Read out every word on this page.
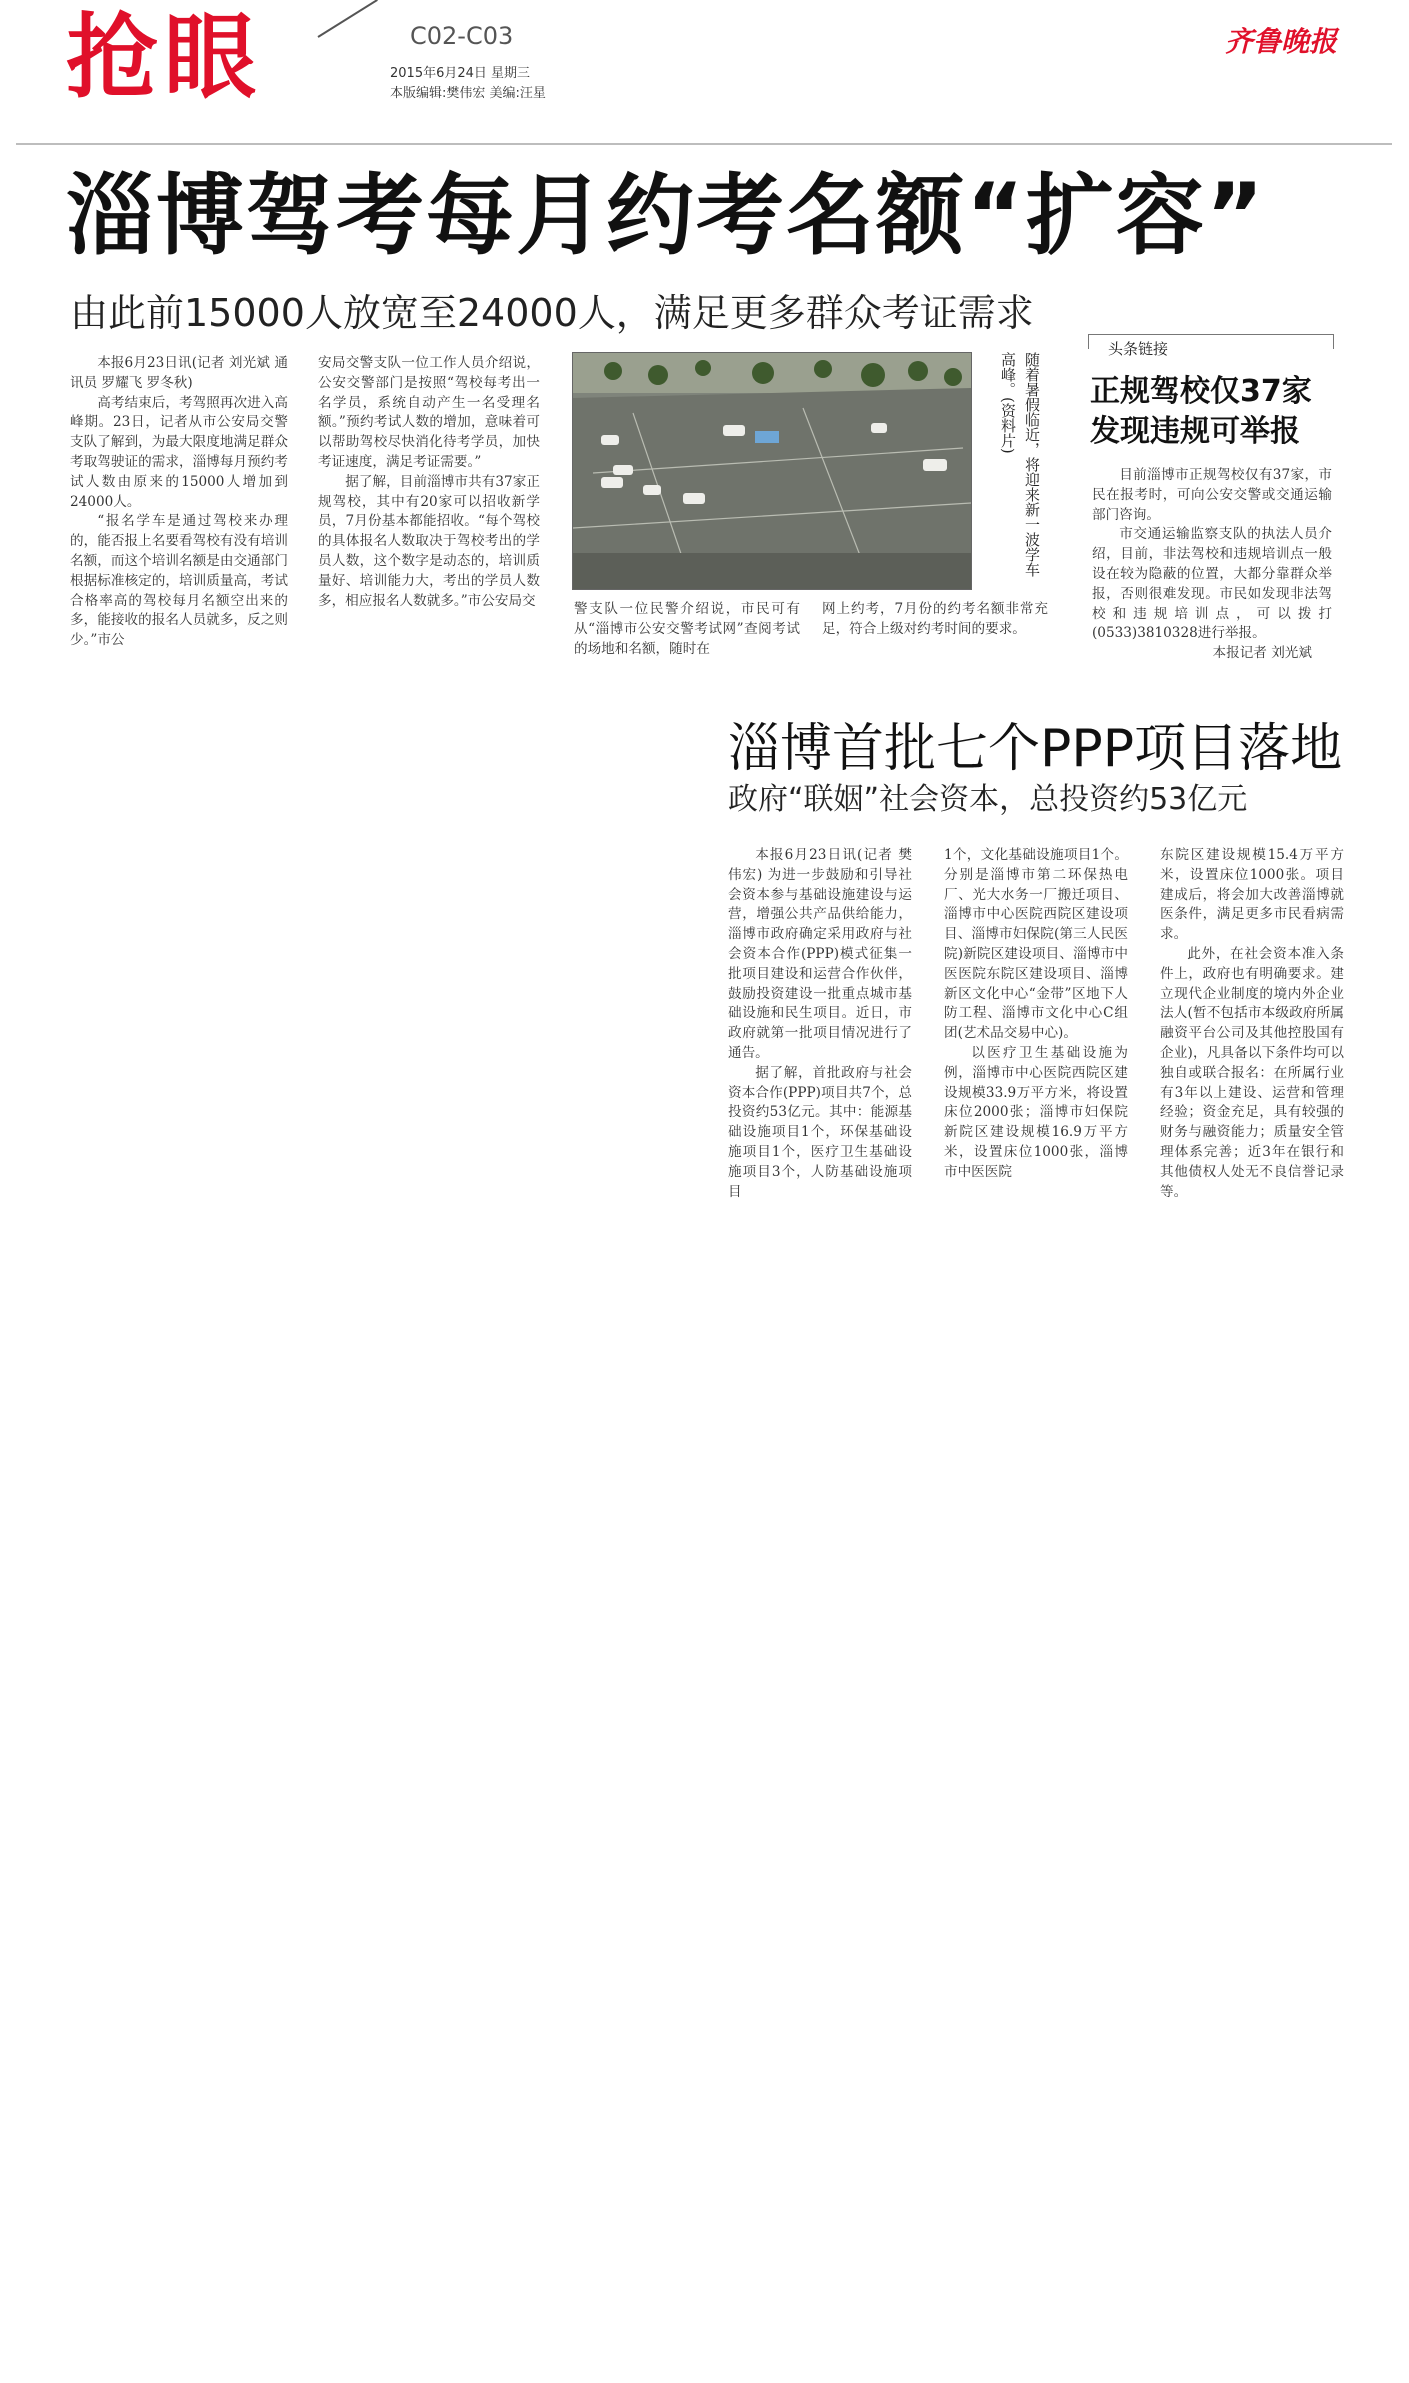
抢眼	C02-C03
2015年6月24日 星期三
本版编辑:樊伟宏 美编:汪星
齐鲁晚报
淄博驾考每月约考名额“扩容”
由此前15000人放宽至24000人，满足更多群众考证需求

本报6月23日讯(记者 刘光斌 通讯员 罗耀飞 罗冬秋)

高考结束后，考驾照再次进入高峰期。23日，记者从市公安局交警支队了解到，为最大限度地满足群众考取驾驶证的需求，淄博每月预约考试人数由原来的15000人增加到24000人。

“报名学车是通过驾校来办理的，能否报上名要看驾校有没有培训名额，而这个培训名额是由交通部门根据标准核定的，培训质量高，考试合格率高的驾校每月名额空出来的多，能接收的报名人员就多，反之则少。”市公

安局交警支队一位工作人员介绍说，公安交警部门是按照“驾校每考出一名学员，系统自动产生一名受理名额。”预约考试人数的增加，意味着可以帮助驾校尽快消化待考学员，加快考证速度，满足考证需要。”

据了解，目前淄博市共有37家正规驾校，其中有20家可以招收新学员，7月份基本都能招收。“每个驾校的具体报名人数取决于驾校考出的学员人数，这个数字是动态的，培训质量好、培训能力大，考出的学员人数多，相应报名人数就多。”市公安局交

随着暑假临近，将迎来新一波学车高峰。(资料片)

警支队一位民警介绍说，市民可有从“淄博市公安交警考试网”查阅考试的场地和名额，随时在

网上约考，7月份的约考名额非常充足，符合上级对约考时间的要求。

头条链接
正规驾校仅37家
发现违规可举报

目前淄博市正规驾校仅有37家，市民在报考时，可向公安交警或交通运输部门咨询。

市交通运输监察支队的执法人员介绍，目前，非法驾校和违规培训点一般设在较为隐蔽的位置，大都分靠群众举报，否则很难发现。市民如发现非法驾校和违规培训点，可以拨打(0533)3810328进行举报。

本报记者 刘光斌
淄博首批七个PPP项目落地
政府“联姻”社会资本，总投资约53亿元

本报6月23日讯(记者 樊伟宏) 为进一步鼓励和引导社会资本参与基础设施建设与运营，增强公共产品供给能力，淄博市政府确定采用政府与社会资本合作(PPP)模式征集一批项目建设和运营合作伙伴，鼓励投资建设一批重点城市基础设施和民生项目。近日，市政府就第一批项目情况进行了通告。

据了解，首批政府与社会资本合作(PPP)项目共7个，总投资约53亿元。其中：能源基础设施项目1个，环保基础设施项目1个，医疗卫生基础设施项目3个，人防基础设施项目

1个，文化基础设施项目1个。分别是淄博市第二环保热电厂、光大水务一厂搬迁项目、淄博市中心医院西院区建设项目、淄博市妇保院(第三人民医院)新院区建设项目、淄博市中医医院东院区建设项目、淄博新区文化中心“金带”区地下人防工程、淄博市文化中心C组团(艺术品交易中心)。

以医疗卫生基础设施为例，淄博市中心医院西院区建设规模33.9万平方米，将设置床位2000张；淄博市妇保院新院区建设规模16.9万平方米，设置床位1000张，淄博市中医医院

东院区建设规模15.4万平方米，设置床位1000张。项目建成后，将会加大改善淄博就医条件，满足更多市民看病需求。

此外，在社会资本准入条件上，政府也有明确要求。建立现代企业制度的境内外企业法人(暂不包括市本级政府所属融资平台公司及其他控股国有企业)，凡具备以下条件均可以独自或联合报名：在所属行业有3年以上建设、运营和管理经验；资金充足，具有较强的财务与融资能力；质量安全管理体系完善；近3年在银行和其他债权人处无不良信誉记录等。
